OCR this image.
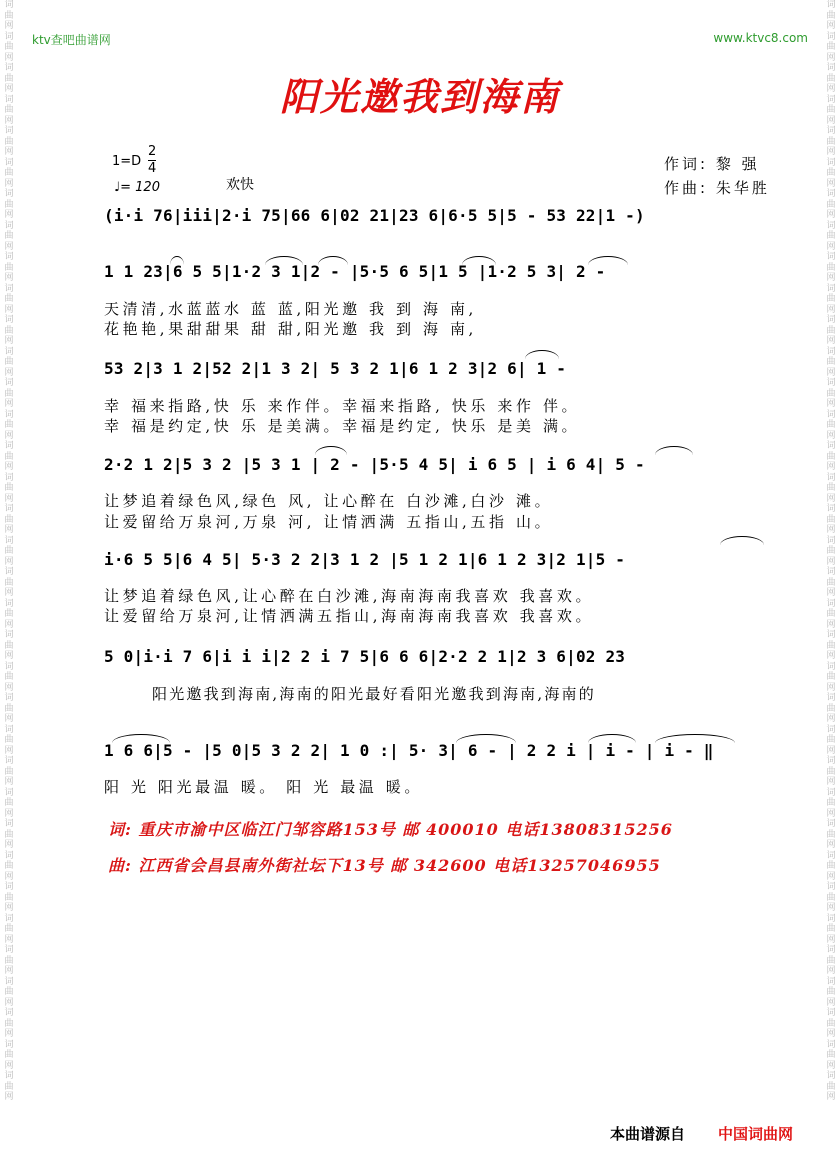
词曲网词曲网词曲网词曲网词曲网词曲网词曲网词曲网词曲网词曲网词曲网词曲网词曲网词曲网词曲网词曲网词曲网词曲网词曲网词曲网词曲网词曲网词曲网词曲网词曲网词曲网词曲网词曲网词曲网词曲网词曲网词曲网词曲网词曲网词曲网
词曲网词曲网词曲网词曲网词曲网词曲网词曲网词曲网词曲网词曲网词曲网词曲网词曲网词曲网词曲网词曲网词曲网词曲网词曲网词曲网词曲网词曲网词曲网词曲网词曲网词曲网词曲网词曲网词曲网词曲网词曲网词曲网词曲网词曲网词曲网
ktv查吧曲谱网	www.ktvc8.com
阳光邀我到海南
1=D
2
4
♩= 120	欢快
作词: 黎 强
作曲: 朱华胜
(i·i 76|iii|2·i 75|66 6|02 21|23 6|6·5 5|5 - 53 22|1 -)
1 1 23|6 5 5|1·2 3 1|2 - |5·5 6 5|1 5 |1·2 5 3| 2 -
天清清,水蓝蓝水 蓝 蓝,阳光邀 我 到 海 南,
花艳艳,果甜甜果 甜 甜,阳光邀 我 到 海 南,
53 2|3 1 2|52 2|1 3 2| 5 3 2 1|6 1 2 3|2 6| 1 -
幸 福来指路,快 乐 来作伴。幸福来指路, 快乐 来作 伴。
幸 福是约定,快 乐 是美满。幸福是约定, 快乐 是美 满。
2·2 1 2|5 3 2 |5 3 1 | 2 - |5·5 4 5| i 6 5 | i 6 4| 5 -
让梦追着绿色风,绿色 风, 让心醉在 白沙滩,白沙 滩。
让爱留给万泉河,万泉 河, 让情洒满 五指山,五指 山。
i·6 5 5|6 4 5| 5·3 2 2|3 1 2 |5 1 2 1|6 1 2 3|2 1|5 -
让梦追着绿色风,让心醉在白沙滩,海南海南我喜欢 我喜欢。
让爱留给万泉河,让情洒满五指山,海南海南我喜欢 我喜欢。
5 0|i·i 7 6|i i i|2 2 i 7 5|6 6 6|2·2 2 1|2 3 6|02 23
阳光邀我到海南,海南的阳光最好看阳光邀我到海南,海南的
1 6 6|5 - |5 0|5 3 2 2| 1 0 :| 5· 3| 6 - | 2 2 i | i - | i - ‖
阳 光 阳光最温 暖。 阳 光 最温 暖。
词: 重庆市渝中区临江门邹容路153号 邮 400010 电话13808315256
曲: 江西省会昌县南外街社坛下13号 邮 342600 电话13257046955
本曲谱源自 中国词曲网
